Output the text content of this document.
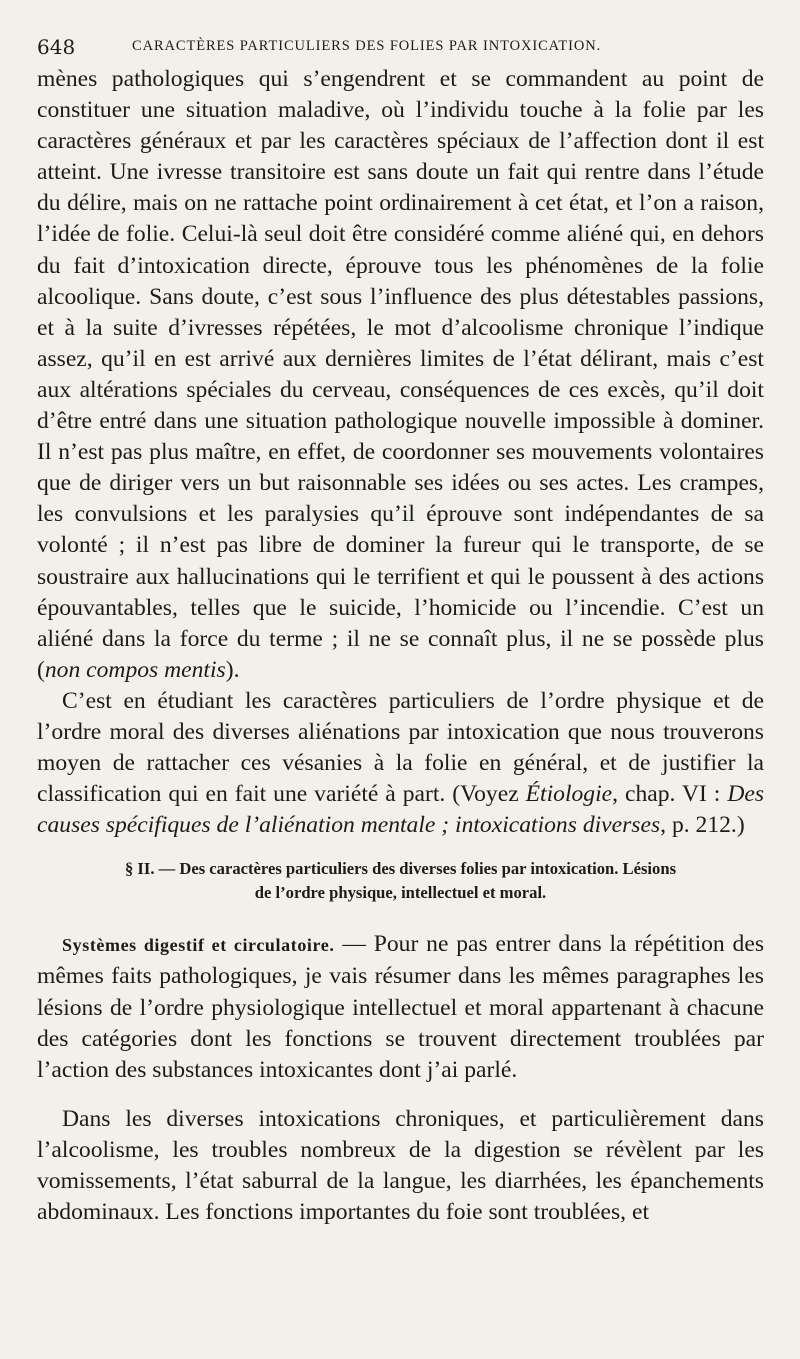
648	CARACTÈRES PARTICULIERS DES FOLIES PAR INTOXICATION.

mènes pathologiques qui s’engendrent et se commandent au point de constituer une situation maladive, où l’individu touche à la folie par les caractères généraux et par les caractères spéciaux de l’affection dont il est atteint. Une ivresse transitoire est sans doute un fait qui rentre dans l’étude du délire, mais on ne rattache point ordinairement à cet état, et l’on a raison, l’idée de folie. Celui-là seul doit être considéré comme aliéné qui, en dehors du fait d’intoxication directe, éprouve tous les phénomènes de la folie alcoolique. Sans doute, c’est sous l’influence des plus détestables passions, et à la suite d’ivresses répétées, le mot d’alcoolisme chronique l’indique assez, qu’il en est arrivé aux dernières limites de l’état délirant, mais c’est aux altérations spéciales du cerveau, conséquences de ces excès, qu’il doit d’être entré dans une situation pathologique nouvelle impossible à dominer. Il n’est pas plus maître, en effet, de coordonner ses mouvements volontaires que de diriger vers un but raisonnable ses idées ou ses actes. Les crampes, les convulsions et les paralysies qu’il éprouve sont indépendantes de sa volonté ; il n’est pas libre de dominer la fureur qui le transporte, de se soustraire aux hallucinations qui le terrifient et qui le poussent à des actions épouvantables, telles que le suicide, l’homicide ou l’incendie. C’est un aliéné dans la force du terme ; il ne se connaît plus, il ne se possède plus (non compos mentis).

C’est en étudiant les caractères particuliers de l’ordre physique et de l’ordre moral des diverses aliénations par intoxication que nous trouverons moyen de rattacher ces vésanies à la folie en général, et de justifier la classification qui en fait une variété à part. (Voyez Étiologie, chap. VI : Des causes spécifiques de l’aliénation mentale ; intoxications diverses, p. 212.)

§ II. — Des caractères particuliers des diverses folies par intoxication. Lésions
de l’ordre physique, intellectuel et moral.

Systèmes digestif et circulatoire. — Pour ne pas entrer dans la répétition des mêmes faits pathologiques, je vais résumer dans les mêmes paragraphes les lésions de l’ordre physiologique intellectuel et moral appartenant à chacune des catégories dont les fonctions se trouvent directement troublées par l’action des substances intoxicantes dont j’ai parlé.

Dans les diverses intoxications chroniques, et particulièrement dans l’alcoolisme, les troubles nombreux de la digestion se révèlent par les vomissements, l’état saburral de la langue, les diarrhées, les épanchements abdominaux. Les fonctions importantes du foie sont troublées, et
